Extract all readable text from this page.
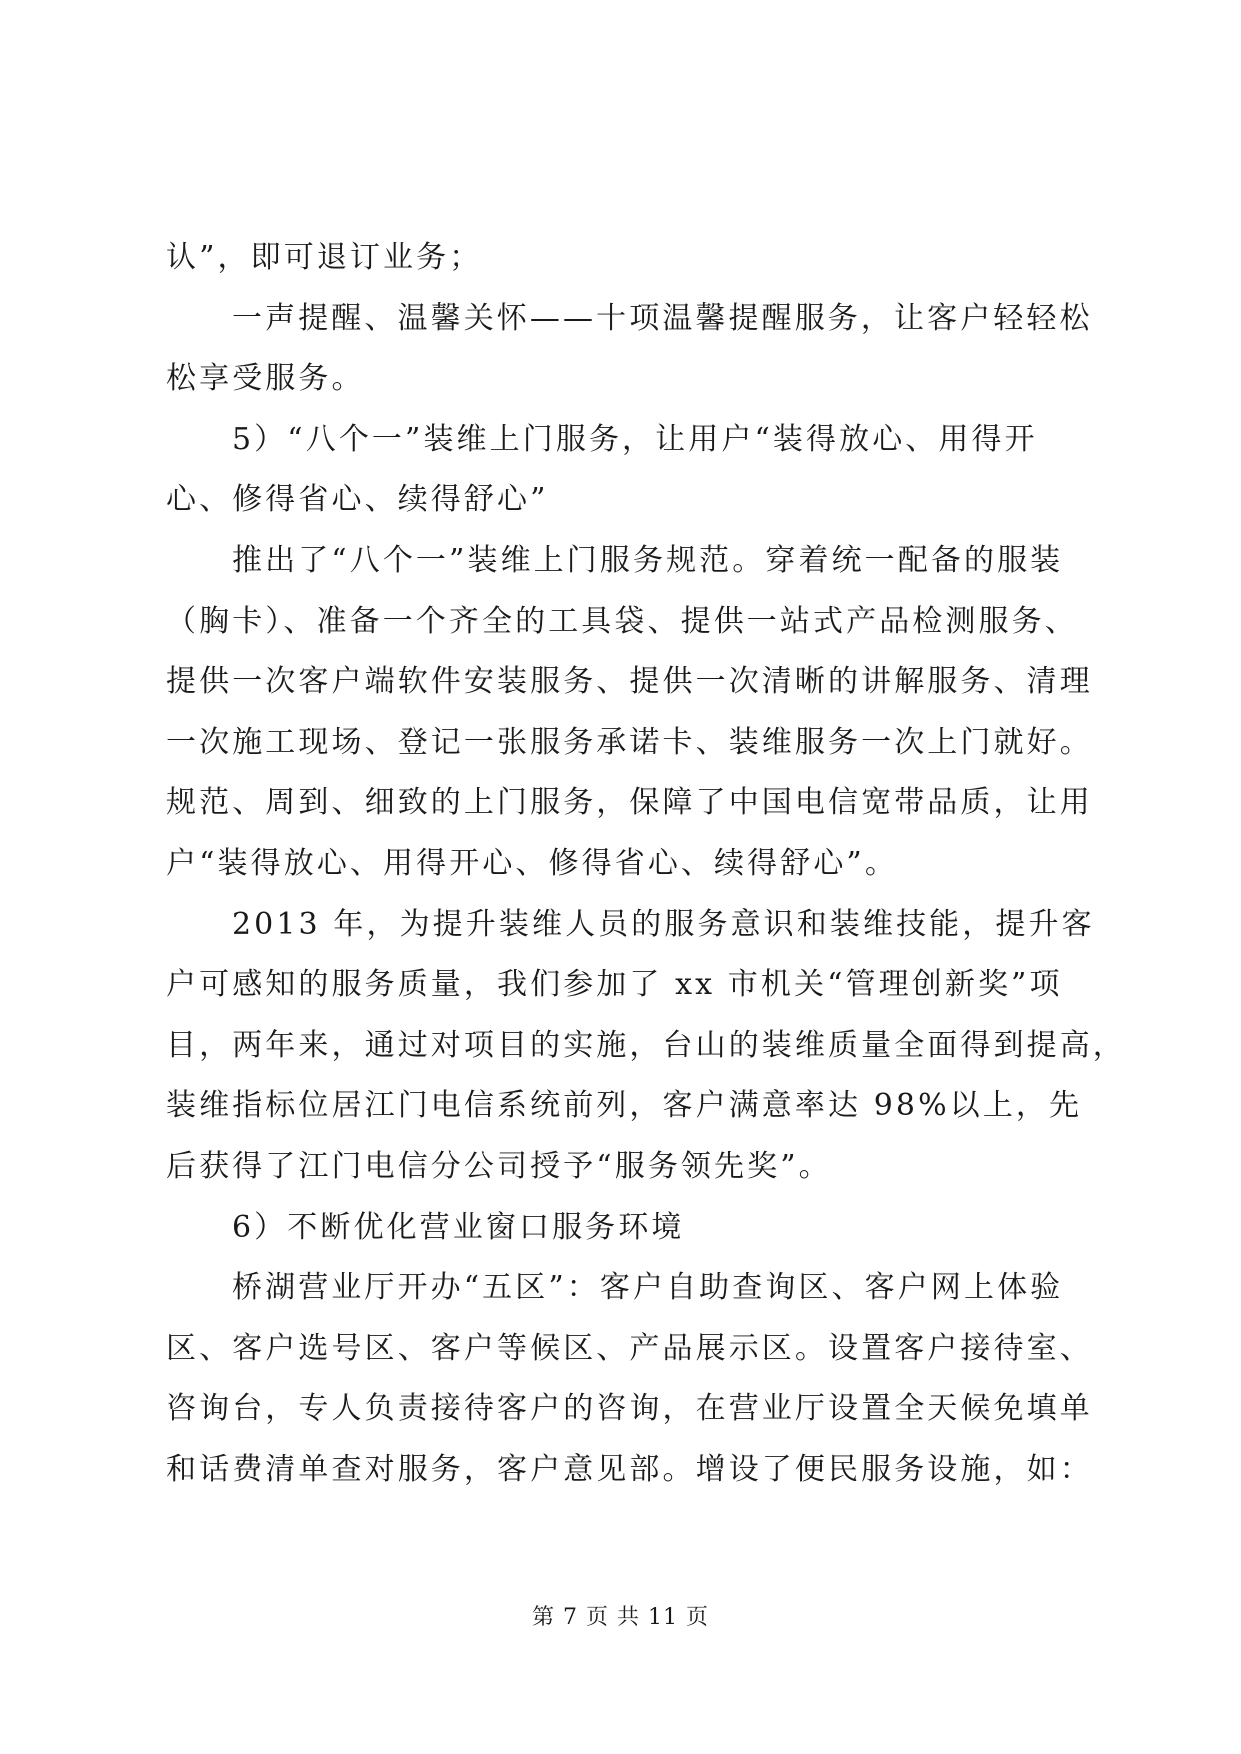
认”，即可退订业务；
一声提醒、温馨关怀——十项温馨提醒服务，让客户轻轻松
松享受服务。
5）“八个一”装维上门服务，让用户“装得放心、用得开
心、修得省心、续得舒心”
推出了“八个一”装维上门服务规范。穿着统一配备的服装
（胸卡）、准备一个齐全的工具袋、提供一站式产品检测服务、
提供一次客户端软件安装服务、提供一次清晰的讲解服务、清理
一次施工现场、登记一张服务承诺卡、装维服务一次上门就好。
规范、周到、细致的上门服务，保障了中国电信宽带品质，让用
户“装得放心、用得开心、修得省心、续得舒心”。
2013 年，为提升装维人员的服务意识和装维技能，提升客
户可感知的服务质量，我们参加了 xx 市机关“管理创新奖”项
目，两年来，通过对项目的实施，台山的装维质量全面得到提高，
装维指标位居江门电信系统前列，客户满意率达 98%以上，先
后获得了江门电信分公司授予“服务领先奖”。
6）不断优化营业窗口服务环境
桥湖营业厅开办“五区”：客户自助查询区、客户网上体验
区、客户选号区、客户等候区、产品展示区。设置客户接待室、
咨询台，专人负责接待客户的咨询，在营业厅设置全天候免填单
和话费清单查对服务，客户意见部。增设了便民服务设施，如：
第 7 页 共 11 页
